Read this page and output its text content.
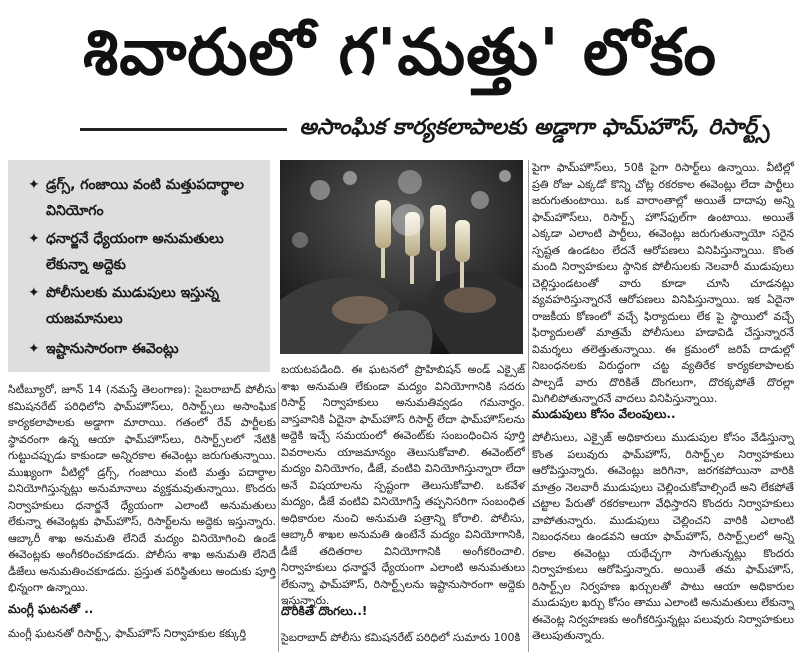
శివారులో గ'మత్తు' లోకం
అసాంఘిక కార్యకలాపాలకు అడ్డాగా ఫామ్‌హౌస్, రిసార్ట్స్
✦ డ్రగ్స్, గంజాయి వంటి మత్తుపదార్థాల వినియోగం
✦ ధనార్జనే ధ్యేయంగా అనుమతులు లేకున్నా అద్దెకు
✦ పోలీసులకు ముడుపులు ఇస్తున్న యజమానులు
✦ ఇష్టానుసారంగా ఈవెంట్లు

సిటీబ్యూరో, జూన్ 14 (నమస్తే తెలంగాణ): సైబరాబాద్ పోలీసు కమిషనరేట్ పరిధిలోని ఫామ్‌హౌస్‌లు, రిసార్ట్స్‌లు అసాంఘిక కార్యకలాపాలకు అడ్డాగా మారాయి. గతంలో రేవ్ పార్టీలకు స్థావరంగా ఉన్న ఆయా ఫామ్‌హౌస్‌లు, రిసార్ట్స్‌లలో నేటికీ గుట్టుచప్పుడు కాకుండా అన్నిరకాల ఈవెంట్లు జరుగుతున్నాయి. ముఖ్యంగా వీటిల్లో డ్రగ్స్, గంజాయి వంటి మత్తు పదార్థాల వినియోగిస్తున్నట్లు అనుమానాలు వ్యక్తమవుతున్నాయి. కొందరు నిర్వాహకులు ధనార్జనే ధ్యేయంగా ఎలాంటి అనుమతులు లేకున్నా ఈవెంట్లకు ఫామ్‌హౌస్, రిసార్ట్‌లను అద్దెకు ఇస్తున్నారు. ఆబ్కారీ శాఖ అనుమతి లేనిదే మద్యం వినియోగించి ఉండే ఈవెంట్లకు అంగీకరించకూడదు. పోలీసు శాఖ అనుమతి లేనిదే డీజేలు అనుమతించకూడదు. ప్రస్తుత పరిస్థితులు అందుకు పూర్తి భిన్నంగా ఉన్నాయి.

మంగ్లీ ఘటనతో ..

మంగ్లీ ఘటనతో రిసార్ట్స్, ఫామ్‌హౌస్ నిర్వాహకుల కక్కుర్తి

బయటపడింది. ఈ ఘటనలో ప్రొహిబిషన్ అండ్ ఎక్సైజ్ శాఖ అనుమతి లేకుండా మద్యం వినియోగానికి సదరు రిసార్ట్ నిర్వాహకులు అనుమతివ్వడం గమనార్హం. వాస్తవానికి ఏదైనా ఫామ్‌హౌస్ రిసార్ట్ లేదా ఫామ్‌హౌస్‌లను అద్దెకి ఇచ్చే సమయంలో ఈవెంట్‌కు సంబంధించిన పూర్తి వివరాలను యాజమాన్యం తెలుసుకోవాలి. ఈవెంట్‌లో మద్యం వినియోగం, డీజే, వంటివి వినియోగిస్తున్నారా లేదా అనే విషయాలను స్పష్టంగా తెలుసుకోవాలి. ఒకవేళ మద్యం, డీజే వంటివి వినియోగిస్తే తప్పనిసరిగా సంబంధిత అధికారుల నుంచి అనుమతి పత్రాన్ని కోరాలి. పోలీసు, ఆబ్కారీ శాఖల అనుమతి ఉంటేనే మద్యం వినియోగానికి, డీజే తదితరాల వినియోగానికి అంగీకరించాలి. నిర్వాహకులు ధనార్జనే ధ్యేయంగా ఎలాంటి అనుమతులు లేకున్నా ఫామ్‌హౌస్, రిసార్ట్స్‌లను ఇష్టానుసారంగా అద్దెకు ఇస్తున్నారు.

దొరికితే దొంగలు..!

సైబరాబాద్ పోలీసు కమిషనరేట్ పరిధిలో సుమారు 100కి

పైగా ఫామ్‌హౌస్‌లు, 50కి పైగా రిసార్ట్‌లు ఉన్నాయి. వీటిల్లో ప్రతి రోజు ఎక్కడో కొన్ని చోట్ల రకరకాల ఈవెంట్లు లేదా పార్టీలు జరుగుతుంటాయి. ఒక వారాంతాల్లో అయితే దాదాపు అన్ని ఫామ్‌హౌస్‌లు, రిసార్ట్స్ హౌస్‌ఫుల్‌గా ఉంటాయి. అయితే ఎక్కడా ఎలాంటి పార్టీలు, ఈవెంట్లు జరుగుతున్నాయో సరైన స్పష్టత ఉండటం లేదనే ఆరోపణలు వినిపిస్తున్నాయి. కొంత మంది నిర్వాహకులు స్థానిక పోలీసులకు నెలవారీ ముడుపులు చెల్లిస్తుండటంతో వారు కూడా చూసి చూడనట్లు వ్యవహరిస్తున్నారనే ఆరోపణలు వినిపిస్తున్నాయి. ఇక ఏదైనా రాజకీయ కోణంలో వచ్చే ఫిర్యాదులు లేక పై స్థాయిలో వచ్చే ఫిర్యాదులతో మాత్రమే పోలీసులు హడావిడి చేస్తున్నారనే విమర్శలు తలెత్తుతున్నాయి. ఈ క్రమంలో జరిపే దాడుల్లో నిబంధనలకు విరుద్ధంగా చట్ట వ్యతిరేక కార్యకలాపాలకు పాల్పడే వారు దొరికితే దొంగలుగా, దొరక్కపోతే దొరల్లా మిగిలిపోతున్నారనే వాదలు వినిపిస్తున్నాయి.

ముడుపులు కోసం వేలంపులు..

పోలీసులు, ఎక్సైజ్ అధికారులు ముడుపుల కోసం వేడిస్తున్నా కొంత పలువురు ఫామ్‌హౌస్, రిసార్ట్స్‌ల నిర్వాహకులు ఆరోపిస్తున్నారు. ఈవెంట్లు జరిగినా, జరగకపోయినా వారికి మాత్రం నెలవారీ ముడుపులు చెల్లించుకోవాల్సిందే అని లేకపోతే చట్టాల పేరుతో రకరకాలుగా వేధిస్తారని కొందరు నిర్వాహకులు వాపోతున్నారు. ముడుపులు చెల్లించని వారికి ఎలాంటి నిబంధనలు ఉండవని ఆయా ఫామ్‌హౌస్, రిసార్ట్స్‌లలో అన్ని రకాల ఈవెంట్లు యథేచ్ఛగా సాగుతున్నట్లు కొందరు నిర్వాహకులు ఆరోపిస్తున్నారు. అయితే తమ ఫామ్‌హౌస్, రిసార్ట్స్‌ల నిర్వహణ ఖర్చులతో పాటు ఆయా అధికారుల ముడుపుల ఖర్చు కోసం తాము ఎలాంటి అనుమతులు లేకున్నా ఈవెంట్ల నిర్వహణకు అంగీకరిస్తున్నట్లు పలువురు నిర్వాహకులు తెలుపుతున్నారు.
